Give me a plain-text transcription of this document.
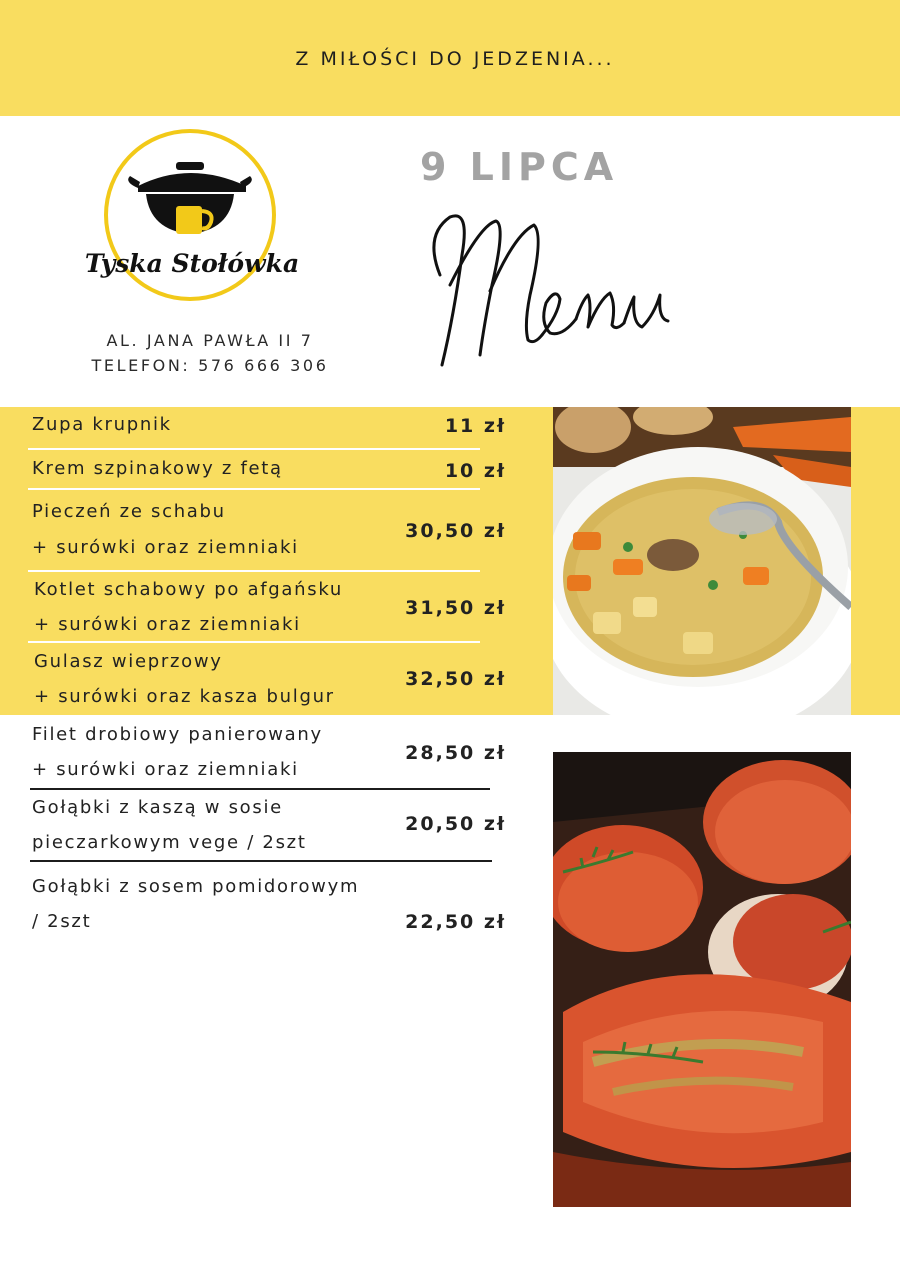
Z MIŁOŚCI DO JEDZENIA...
Tyska Stołówka
AL. JANA PAWŁA II 7
TELEFON: 576 666 306
9 LIPCA
Zupa krupnik	11 zł
Krem szpinakowy z fetą	10 zł
Pieczeń ze schabu
+ surówki oraz ziemniaki
30,50 zł
Kotlet schabowy po afgańsku
+ surówki oraz ziemniaki
31,50 zł
Gulasz wieprzowy
+ surówki oraz kasza bulgur
32,50 zł
Filet drobiowy panierowany
+ surówki oraz ziemniaki
28,50 zł
Gołąbki z kaszą w sosie
pieczarkowym vege / 2szt
20,50 zł
Gołąbki z sosem pomidorowym
/ 2szt	22,50 zł
